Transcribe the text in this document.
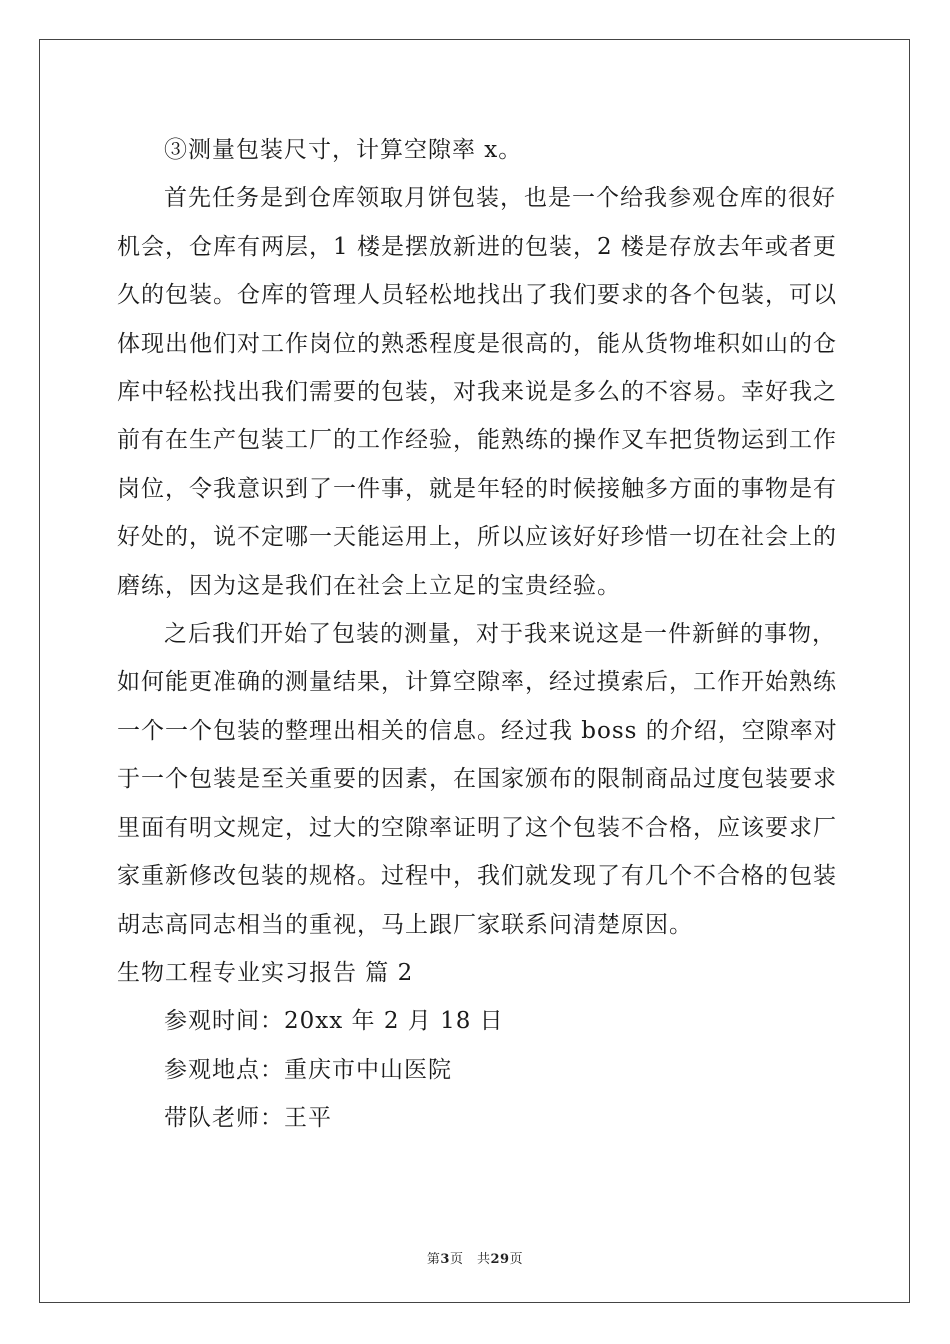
③测量包装尺寸，计算空隙率 x。

首先任务是到仓库领取月饼包装，也是一个给我参观仓库的很好
机会，仓库有两层，1 楼是摆放新进的包装，2 楼是存放去年或者更
久的包装。仓库的管理人员轻松地找出了我们要求的各个包装，可以
体现出他们对工作岗位的熟悉程度是很高的，能从货物堆积如山的仓
库中轻松找出我们需要的包装，对我来说是多么的不容易。幸好我之
前有在生产包装工厂的工作经验，能熟练的操作叉车把货物运到工作
岗位，令我意识到了一件事，就是年轻的时候接触多方面的事物是有
好处的，说不定哪一天能运用上，所以应该好好珍惜一切在社会上的
磨练，因为这是我们在社会上立足的宝贵经验。
之后我们开始了包装的测量，对于我来说这是一件新鲜的事物，
如何能更准确的测量结果，计算空隙率，经过摸索后，工作开始熟练
一个一个包装的整理出相关的信息。经过我 boss 的介绍，空隙率对
于一个包装是至关重要的因素，在国家颁布的限制商品过度包装要求
里面有明文规定，过大的空隙率证明了这个包装不合格，应该要求厂
家重新修改包装的规格。过程中，我们就发现了有几个不合格的包装
胡志高同志相当的重视，马上跟厂家联系问清楚原因。

生物工程专业实习报告 篇 2

参观时间：20xx 年 2 月 18 日

参观地点：重庆市中山医院

带队老师：王平

第3页　共29页
